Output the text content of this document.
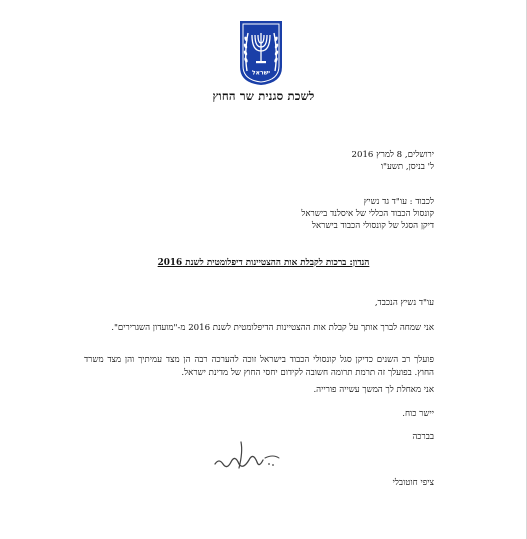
ישראל
לשכת סגנית שר החוץ
ירושלים, 8 למרץ 2016
ל' בניסן, תשע"ו
לכבוד : עו"ד גד נשיץ
קונסול הכבוד הכללי של איסלנד בישראל
דיקן הסגל של קונסולי הכבוד בישראל
הנדון: ברכות לקבלת אות ההצטיינות דיפלומטית לשנת 2016
עו"ד נשיץ הנכבד,
אני שמחה לברך אותך על קבלת אות ההצטיינות הדיפלומטית לשנת 2016 מ-"מועדון השגרירים".
פועלך רב השנים כדיקן סגל קונסולי הכבוד בישראל זוכה להערכה רבה הן מצד עמיתיך והן מצד משרד החוץ. בפועלך זה תרמת תרומה חשובה לקידום יחסי החוץ של מדינת ישראל.
אני מאחלת לך המשך עשייה פורייה.
יישר כוח.
בברכה
ציפי חוטובלי
